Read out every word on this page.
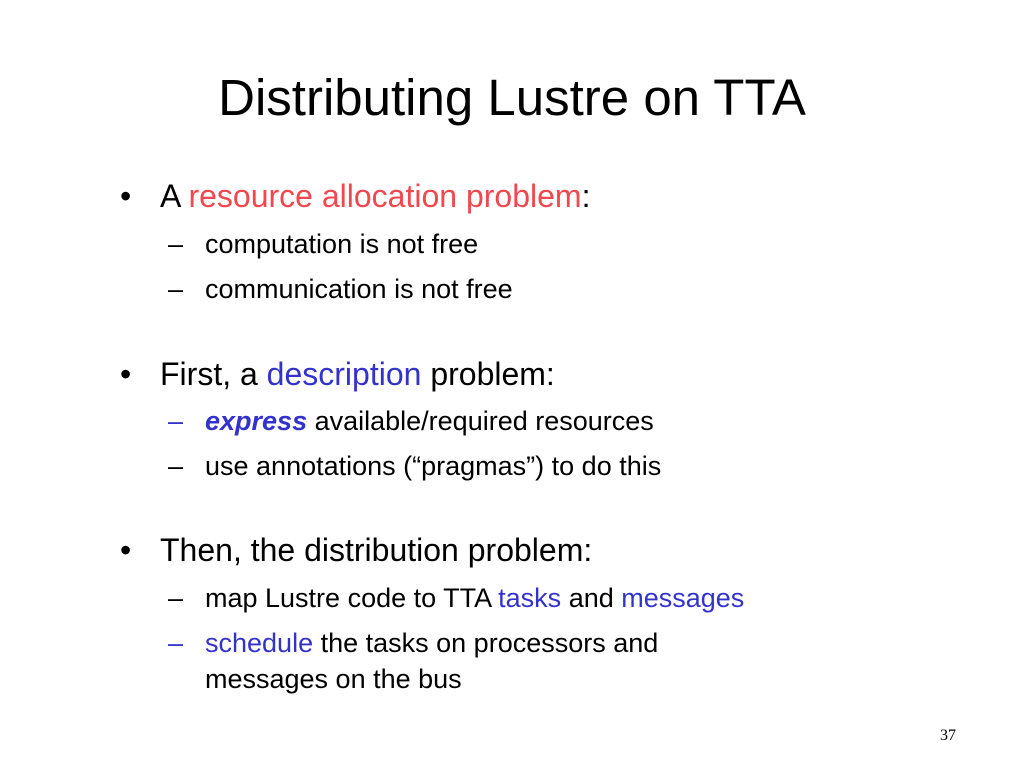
Distributing Lustre on TTA
• A resource allocation problem:
– computation is not free
– communication is not free
• First, a description problem:
– express available/required resources
– use annotations (“pragmas”) to do this
• Then, the distribution problem:
– map Lustre code to TTA tasks and messages
– schedule the tasks on processors and
messages on the bus
37
